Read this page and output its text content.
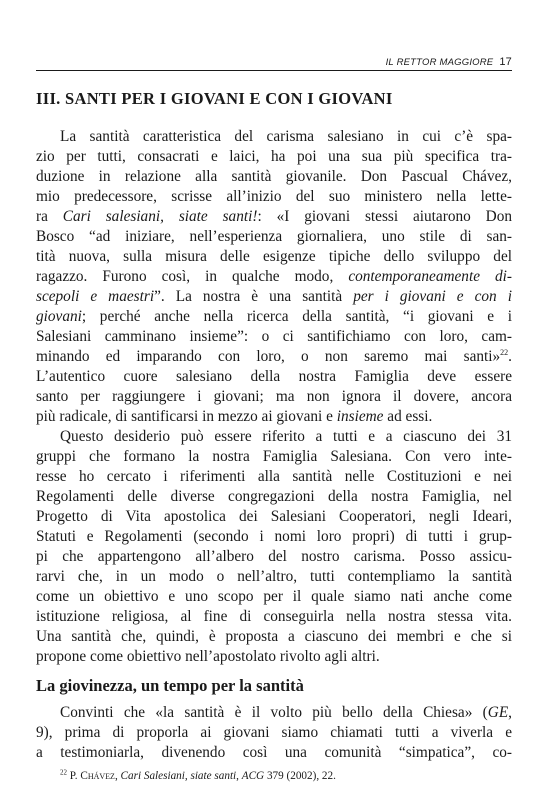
IL RETTOR MAGGIORE 17
III. SANTI PER I GIOVANI E CON I GIOVANI
La santità caratteristica del carisma salesiano in cui c’è spa-
zio per tutti, consacrati e laici, ha poi una sua più specifica tra-
duzione in relazione alla santità giovanile. Don Pascual Chávez,
mio predecessore, scrisse all’inizio del suo ministero nella lette-
ra Cari salesiani, siate santi!: «I giovani stessi aiutarono Don
Bosco “ad iniziare, nell’esperienza giornaliera, uno stile di san-
tità nuova, sulla misura delle esigenze tipiche dello sviluppo del
ragazzo. Furono così, in qualche modo, contemporaneamente di-
scepoli e maestri”. La nostra è una santità per i giovani e con i
giovani; perché anche nella ricerca della santità, “i giovani e i
Salesiani camminano insieme”: o ci santifichiamo con loro, cam-
minando ed imparando con loro, o non saremo mai santi»$^{22}$.
L’autentico cuore salesiano della nostra Famiglia deve essere
santo per raggiungere i giovani; ma non ignora il dovere, ancora
più radicale, di santificarsi in mezzo ai giovani e insieme ad essi.
Questo desiderio può essere riferito a tutti e a ciascuno dei 31
gruppi che formano la nostra Famiglia Salesiana. Con vero inte-
resse ho cercato i riferimenti alla santità nelle Costituzioni e nei
Regolamenti delle diverse congregazioni della nostra Famiglia, nel
Progetto di Vita apostolica dei Salesiani Cooperatori, negli Ideari,
Statuti e Regolamenti (secondo i nomi loro propri) di tutti i grup-
pi che appartengono all’albero del nostro carisma. Posso assicu-
rarvi che, in un modo o nell’altro, tutti contempliamo la santità
come un obiettivo e uno scopo per il quale siamo nati anche come
istituzione religiosa, al fine di conseguirla nella nostra stessa vita.
Una santità che, quindi, è proposta a ciascuno dei membri e che si
propone come obiettivo nell’apostolato rivolto agli altri.
La giovinezza, un tempo per la santità
Convinti che «la santità è il volto più bello della Chiesa» (GE,
9), prima di proporla ai giovani siamo chiamati tutti a viverla e
a testimoniarla, divenendo così una comunità “simpatica”, co-
$^{22}$ P. Chávez, Cari Salesiani, siate santi, ACG 379 (2002), 22.
